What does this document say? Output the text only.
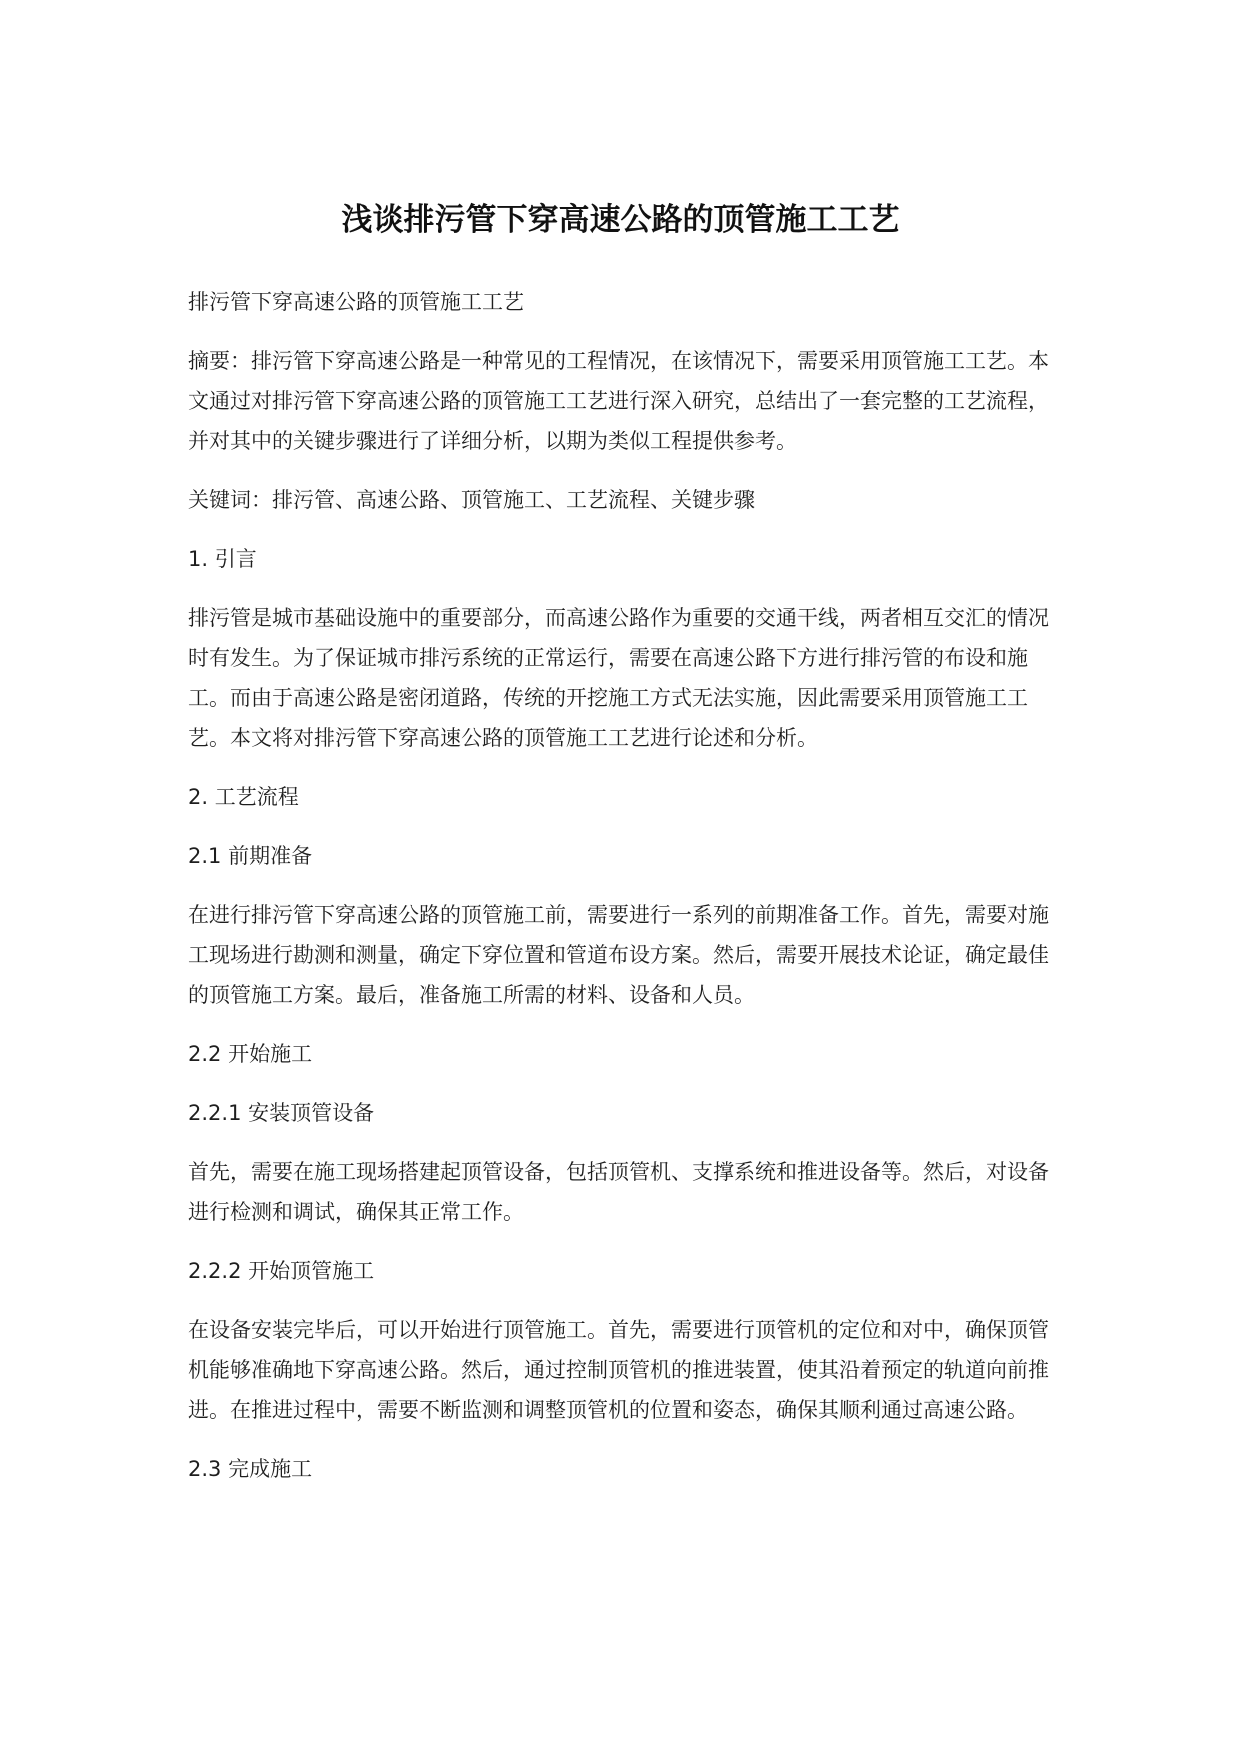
浅谈排污管下穿高速公路的顶管施工工艺

排污管下穿高速公路的顶管施工工艺

摘要：排污管下穿高速公路是一种常见的工程情况，在该情况下，需要采用顶管施工工艺。本文通过对排污管下穿高速公路的顶管施工工艺进行深入研究，总结出了一套完整的工艺流程，并对其中的关键步骤进行了详细分析，以期为类似工程提供参考。

关键词：排污管、高速公路、顶管施工、工艺流程、关键步骤

1. 引言

排污管是城市基础设施中的重要部分，而高速公路作为重要的交通干线，两者相互交汇的情况时有发生。为了保证城市排污系统的正常运行，需要在高速公路下方进行排污管的布设和施工。而由于高速公路是密闭道路，传统的开挖施工方式无法实施，因此需要采用顶管施工工艺。本文将对排污管下穿高速公路的顶管施工工艺进行论述和分析。

2. 工艺流程

2.1 前期准备

在进行排污管下穿高速公路的顶管施工前，需要进行一系列的前期准备工作。首先，需要对施工现场进行勘测和测量，确定下穿位置和管道布设方案。然后，需要开展技术论证，确定最佳的顶管施工方案。最后，准备施工所需的材料、设备和人员。

2.2 开始施工

2.2.1 安装顶管设备

首先，需要在施工现场搭建起顶管设备，包括顶管机、支撑系统和推进设备等。然后，对设备进行检测和调试，确保其正常工作。

2.2.2 开始顶管施工

在设备安装完毕后，可以开始进行顶管施工。首先，需要进行顶管机的定位和对中，确保顶管机能够准确地下穿高速公路。然后，通过控制顶管机的推进装置，使其沿着预定的轨道向前推进。在推进过程中，需要不断监测和调整顶管机的位置和姿态，确保其顺利通过高速公路。

2.3 完成施工
